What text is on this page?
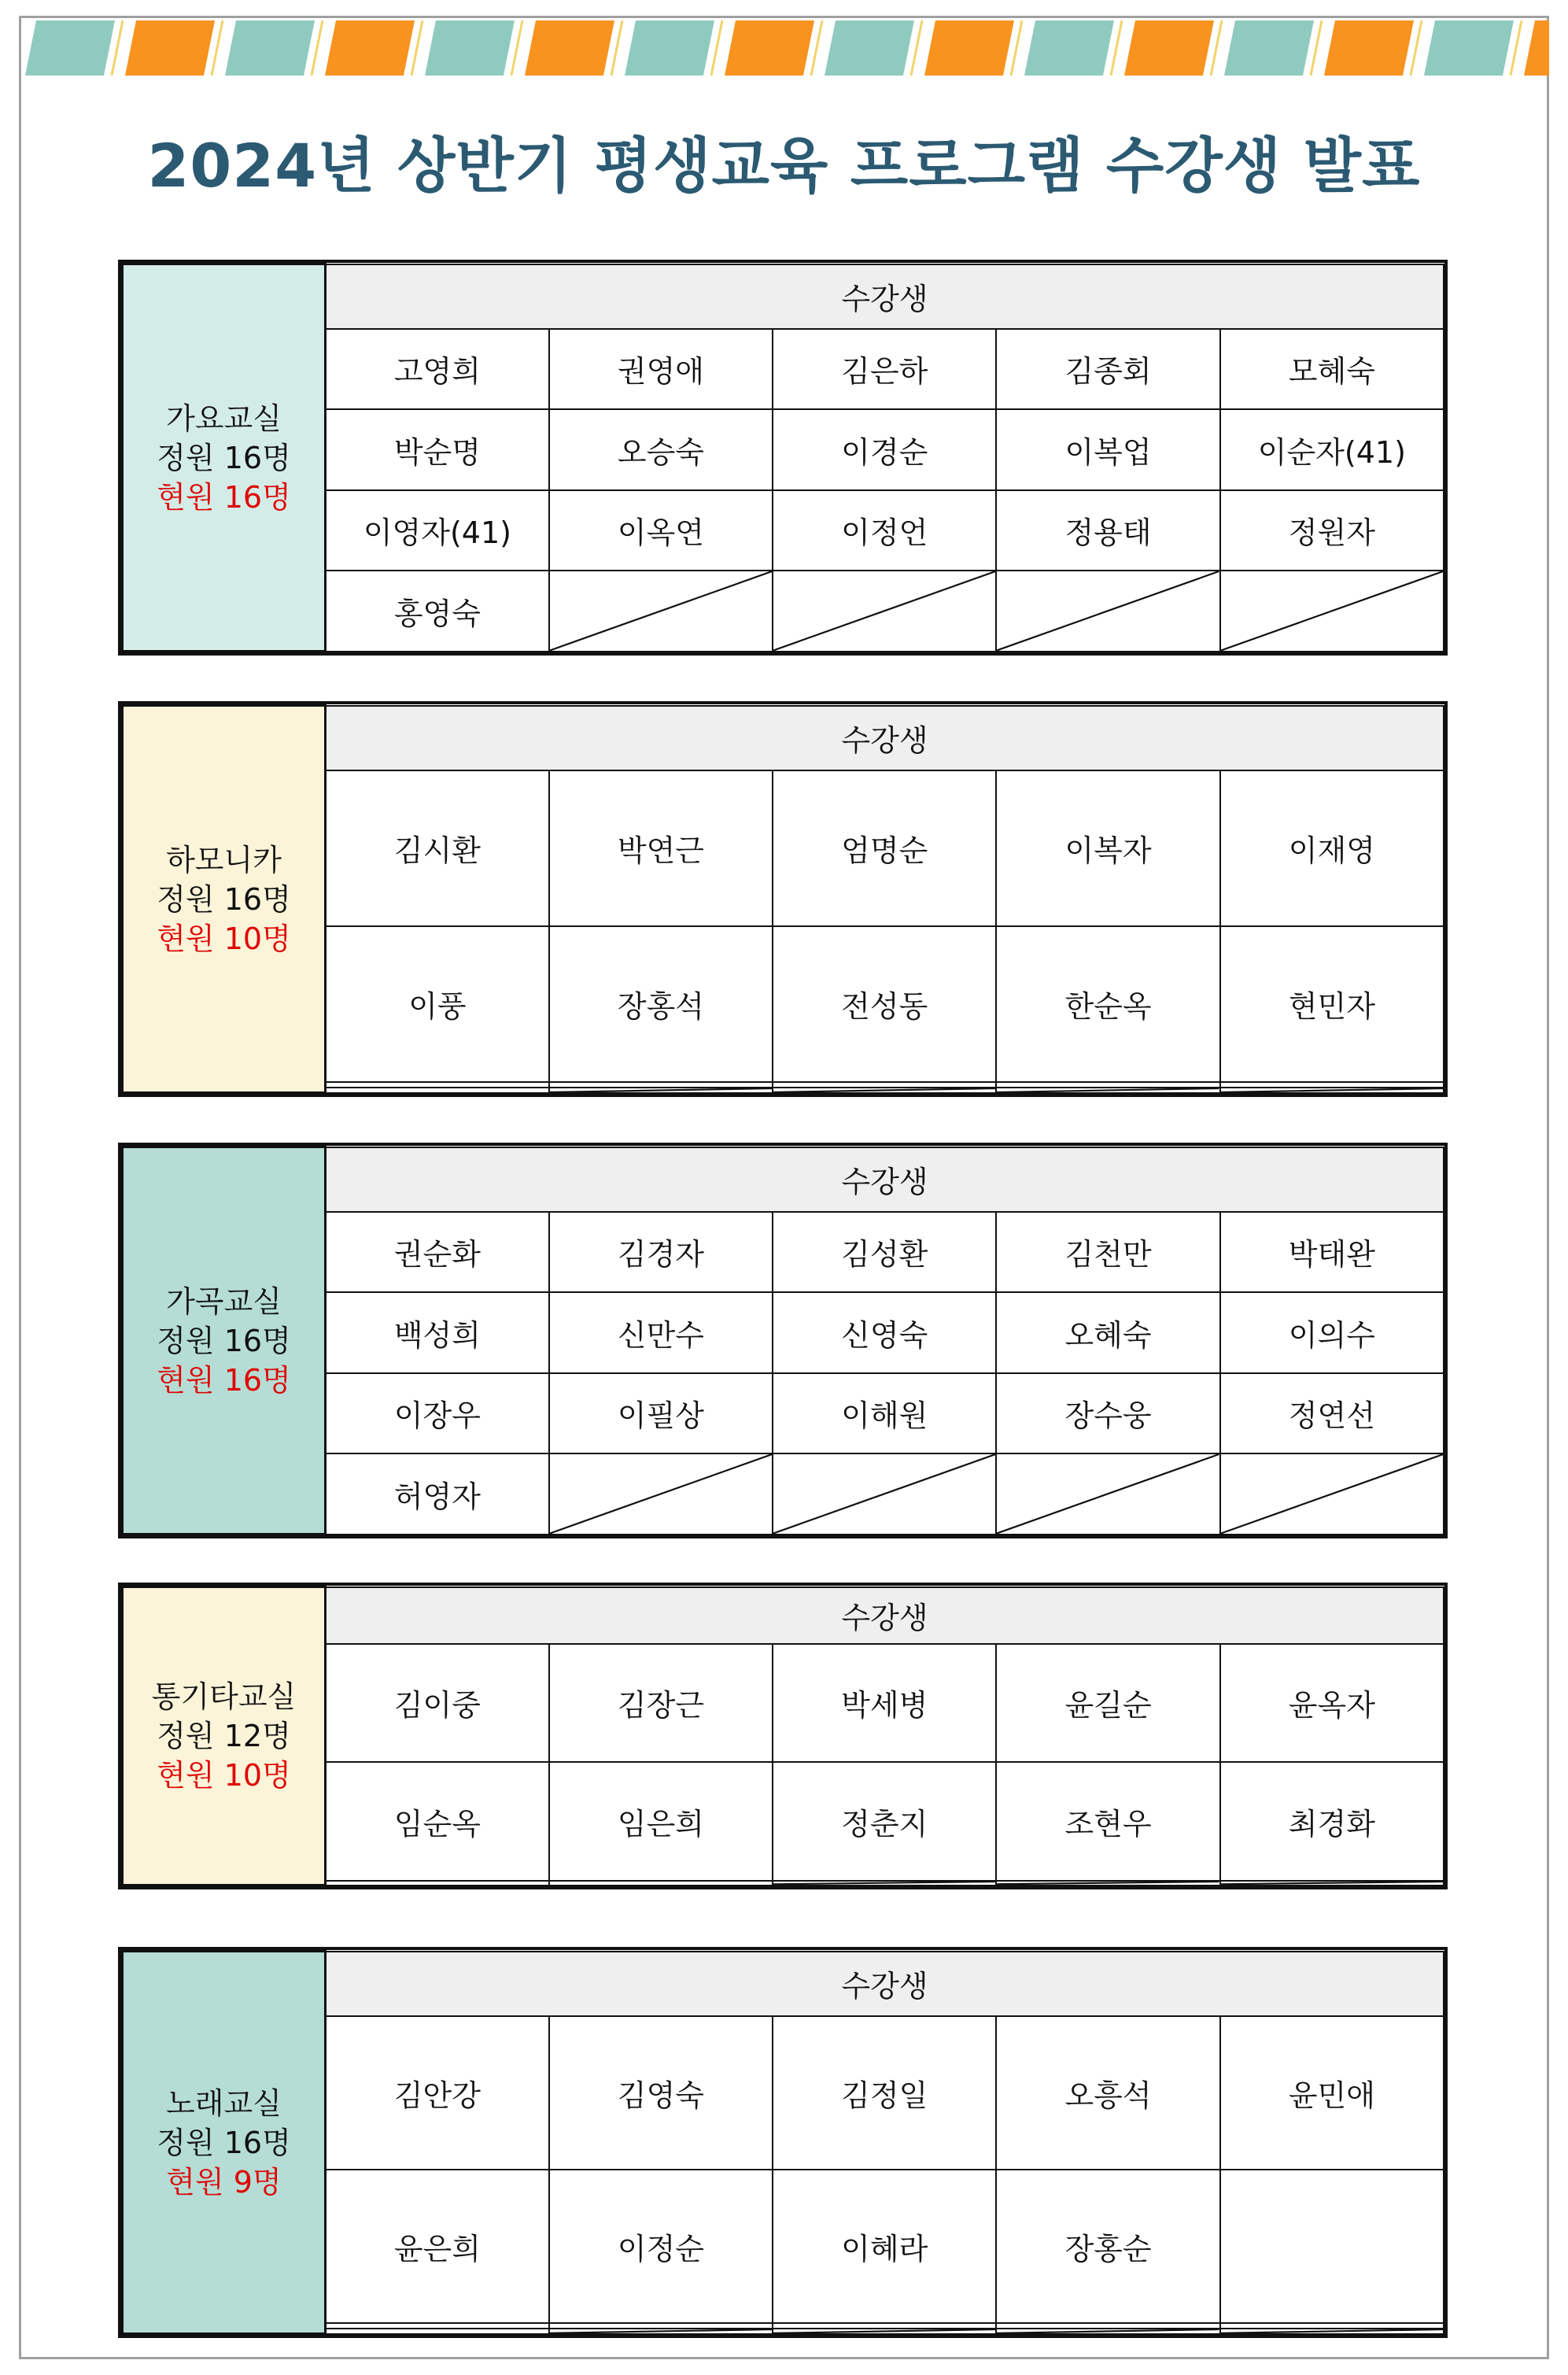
2024년 상반기 평생교육 프로그램 수강생 발표
가요교실
정원 16명
현원 16명	수강생				
	고영희	권영애	김은하	김종회	모혜숙
	박순명	오승숙	이경순	이복업	이순자(41)
	이영자(41)	이옥연	이정언	정용태	정원자
	홍영숙	

하모니카
정원 16명
현원 10명	수강생				
	김시환	박연근	엄명순	이복자	이재영
	이풍	장홍석	전성동	한순옥	현민자

가곡교실
정원 16명
현원 16명	수강생				
	권순화	김경자	김성환	김천만	박태완
	백성희	신만수	신영숙	오혜숙	이의수
	이장우	이필상	이해원	장수웅	정연선
	허영자	

통기타교실
정원 12명
현원 10명	수강생				
	김이중	김장근	박세병	윤길순	윤옥자
	임순옥	임은희	정춘지	조현우	최경화

노래교실
정원 16명
현원 9명	수강생				
	김안강	김영숙	김정일	오흥석	윤민애
	윤은희	이정순	이혜라	장홍순	
